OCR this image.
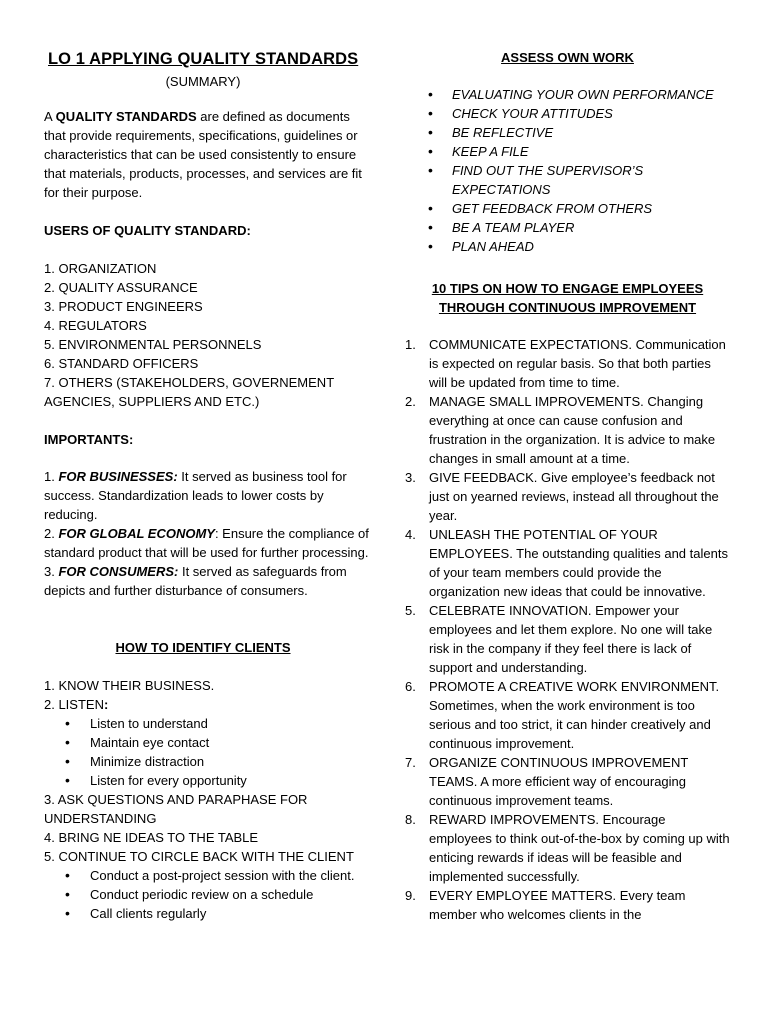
LO 1 APPLYING QUALITY STANDARDS
(SUMMARY)
A QUALITY STANDARDS are defined as documents that provide requirements, specifications, guidelines or characteristics that can be used consistently to ensure that materials, products, processes, and services are fit for their purpose.
USERS OF QUALITY STANDARD:
1. ORGANIZATION
2. QUALITY ASSURANCE
3. PRODUCT ENGINEERS
4. REGULATORS
5. ENVIRONMENTAL PERSONNELS
6. STANDARD OFFICERS
7. OTHERS (STAKEHOLDERS, GOVERNEMENT AGENCIES, SUPPLIERS AND ETC.)
IMPORTANTS:
1. FOR BUSINESSES: It served as business tool for success. Standardization leads to lower costs by reducing.
2. FOR GLOBAL ECONOMY: Ensure the compliance of standard product that will be used for further processing.
3. FOR CONSUMERS: It served as safeguards from depicts and further disturbance of consumers.
HOW TO IDENTIFY CLIENTS
1. KNOW THEIR BUSINESS.
2. LISTEN:
• Listen to understand
• Maintain eye contact
• Minimize distraction
• Listen for every opportunity
3. ASK QUESTIONS AND PARAPHASE FOR UNDERSTANDING
4. BRING NE IDEAS TO THE TABLE
5. CONTINUE TO CIRCLE BACK WITH THE CLIENT
• Conduct a post-project session with the client.
• Conduct periodic review on a schedule
• Call clients regularly
ASSESS OWN WORK
• EVALUATING YOUR OWN PERFORMANCE
• CHECK YOUR ATTITUDES
• BE REFLECTIVE
• KEEP A FILE
• FIND OUT THE SUPERVISOR’S EXPECTATIONS
• GET FEEDBACK FROM OTHERS
• BE A TEAM PLAYER
• PLAN AHEAD
10 TIPS ON HOW TO ENGAGE EMPLOYEES
THROUGH CONTINUOUS IMPROVEMENT
1. COMMUNICATE EXPECTATIONS. Communication is expected on regular basis. So that both parties will be updated from time to time.
2. MANAGE SMALL IMPROVEMENTS. Changing everything at once can cause confusion and frustration in the organization. It is advice to make changes in small amount at a time.
3. GIVE FEEDBACK. Give employee’s feedback not just on yearned reviews, instead all throughout the year.
4. UNLEASH THE POTENTIAL OF YOUR EMPLOYEES. The outstanding qualities and talents of your team members could provide the organization new ideas that could be innovative.
5. CELEBRATE INNOVATION. Empower your employees and let them explore. No one will take risk in the company if they feel there is lack of support and understanding.
6. PROMOTE A CREATIVE WORK ENVIRONMENT. Sometimes, when the work environment is too serious and too strict, it can hinder creatively and continuous improvement.
7. ORGANIZE CONTINUOUS IMPROVEMENT TEAMS. A more efficient way of encouraging continuous improvement teams.
8. REWARD IMPROVEMENTS. Encourage employees to think out-of-the-box by coming up with enticing rewards if ideas will be feasible and implemented successfully.
9. EVERY EMPLOYEE MATTERS. Every team member who welcomes clients in the
